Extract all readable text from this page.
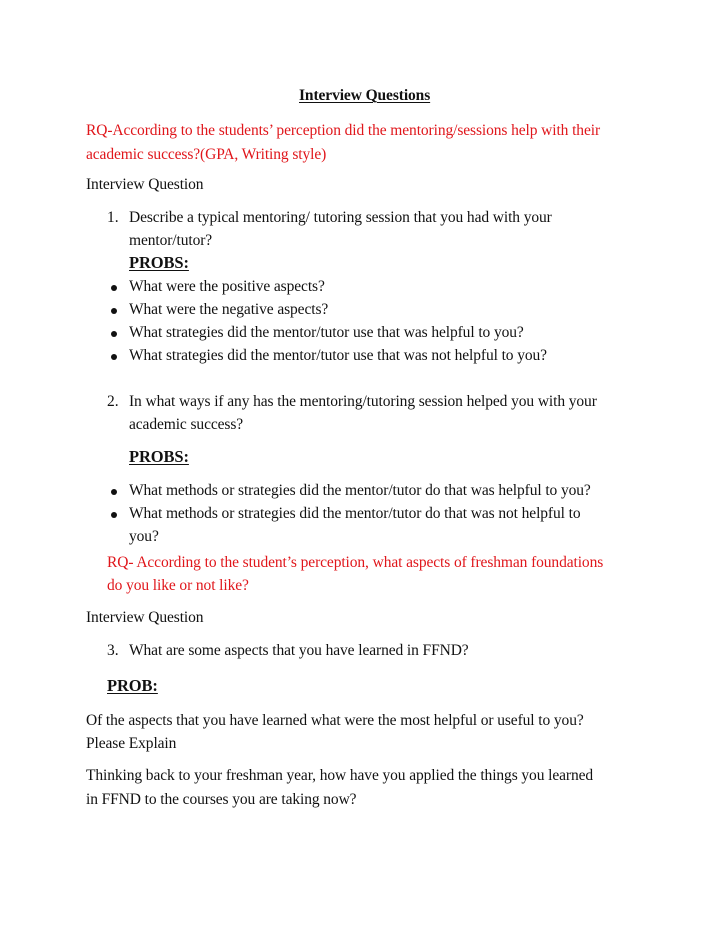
Interview Questions
RQ-According to the students’ perception did the mentoring/sessions help with their
academic success?(GPA, Writing style)
Interview Question
1. Describe a typical mentoring/ tutoring session that you had with your
mentor/tutor?
PROBS:
What were the positive aspects?
What were the negative aspects?
What strategies did the mentor/tutor use that was helpful to you?
What strategies did the mentor/tutor use that was not helpful to you?
2. In what ways if any has the mentoring/tutoring session helped you with your
academic success?
PROBS:
What methods or strategies did the mentor/tutor do that was helpful to you?
What methods or strategies did the mentor/tutor do that was not helpful to
you?
RQ- According to the student’s perception, what aspects of freshman foundations
do you like or not like?
Interview Question
3. What are some aspects that you have learned in FFND?
PROB:
Of the aspects that you have learned what were the most helpful or useful to you?
Please Explain
Thinking back to your freshman year, how have you applied the things you learned
in FFND to the courses you are taking now?
